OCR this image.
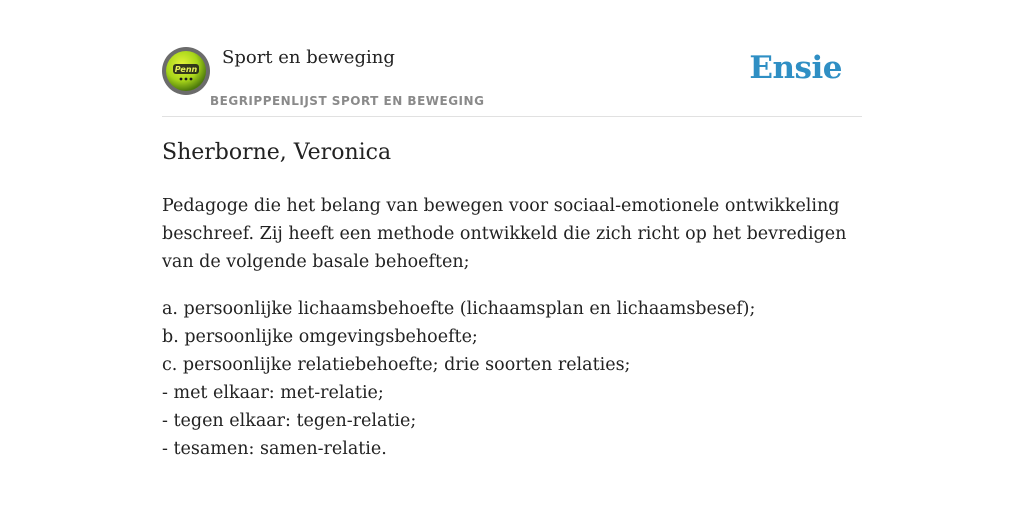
Penn
Sport en beweging
BEGRIPPENLIJST SPORT EN BEWEGING
Ensie
Sherborne, Veronica

Pedagoge die het belang van bewegen voor sociaal-emotionele ontwikkeling beschreef. Zij heeft een methode ontwikkeld die zich richt op het bevredigen van de volgende basale behoeften;

a. persoonlijke lichaamsbehoefte (lichaamsplan en lichaamsbesef);
b. persoonlijke omgevingsbehoefte;
c. persoonlijke relatiebehoefte; drie soorten relaties;
- met elkaar: met-relatie;
- tegen elkaar: tegen-relatie;
- tesamen: samen-relatie.
